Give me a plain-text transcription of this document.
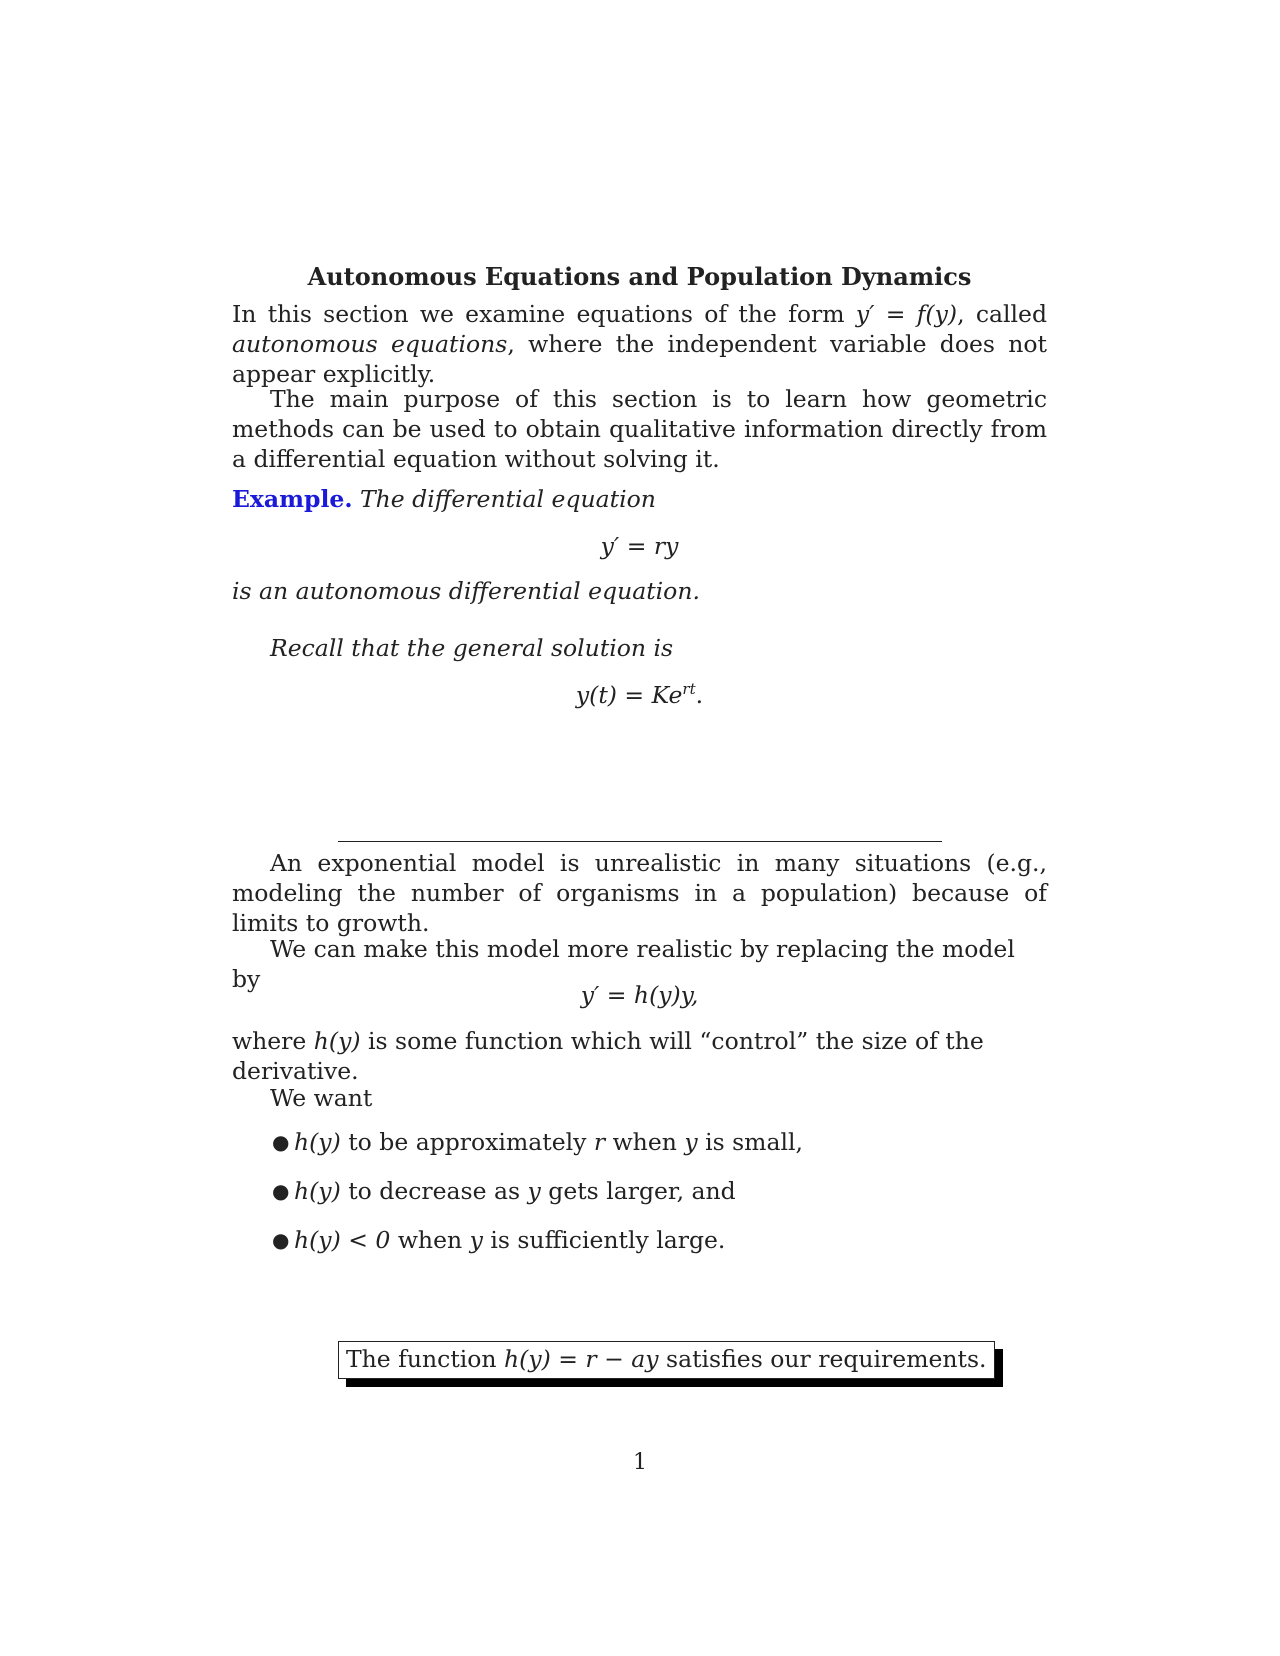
Autonomous Equations and Population Dynamics
In this section we examine equations of the form y′ = f(y), called autonomous equations, where the independent variable does not appear explicitly.
The main purpose of this section is to learn how geometric methods can be used to obtain qualitative information directly from a differential equation without solving it.
Example. The differential equation
y′ = ry
is an autonomous differential equation.
Recall that the general solution is
$y(t) = Ke^{rt}$.
An exponential model is unrealistic in many situations (e.g., modeling the number of organisms in a population) because of limits to growth.
We can make this model more realistic by replacing the model by
y′ = h(y)y,
where h(y) is some function which will “control” the size of the derivative.
We want
● h(y) to be approximately r when y is small,
● h(y) to decrease as y gets larger, and
● h(y) < 0 when y is sufficiently large.
The function h(y) = r − ay satisfies our requirements.
1
